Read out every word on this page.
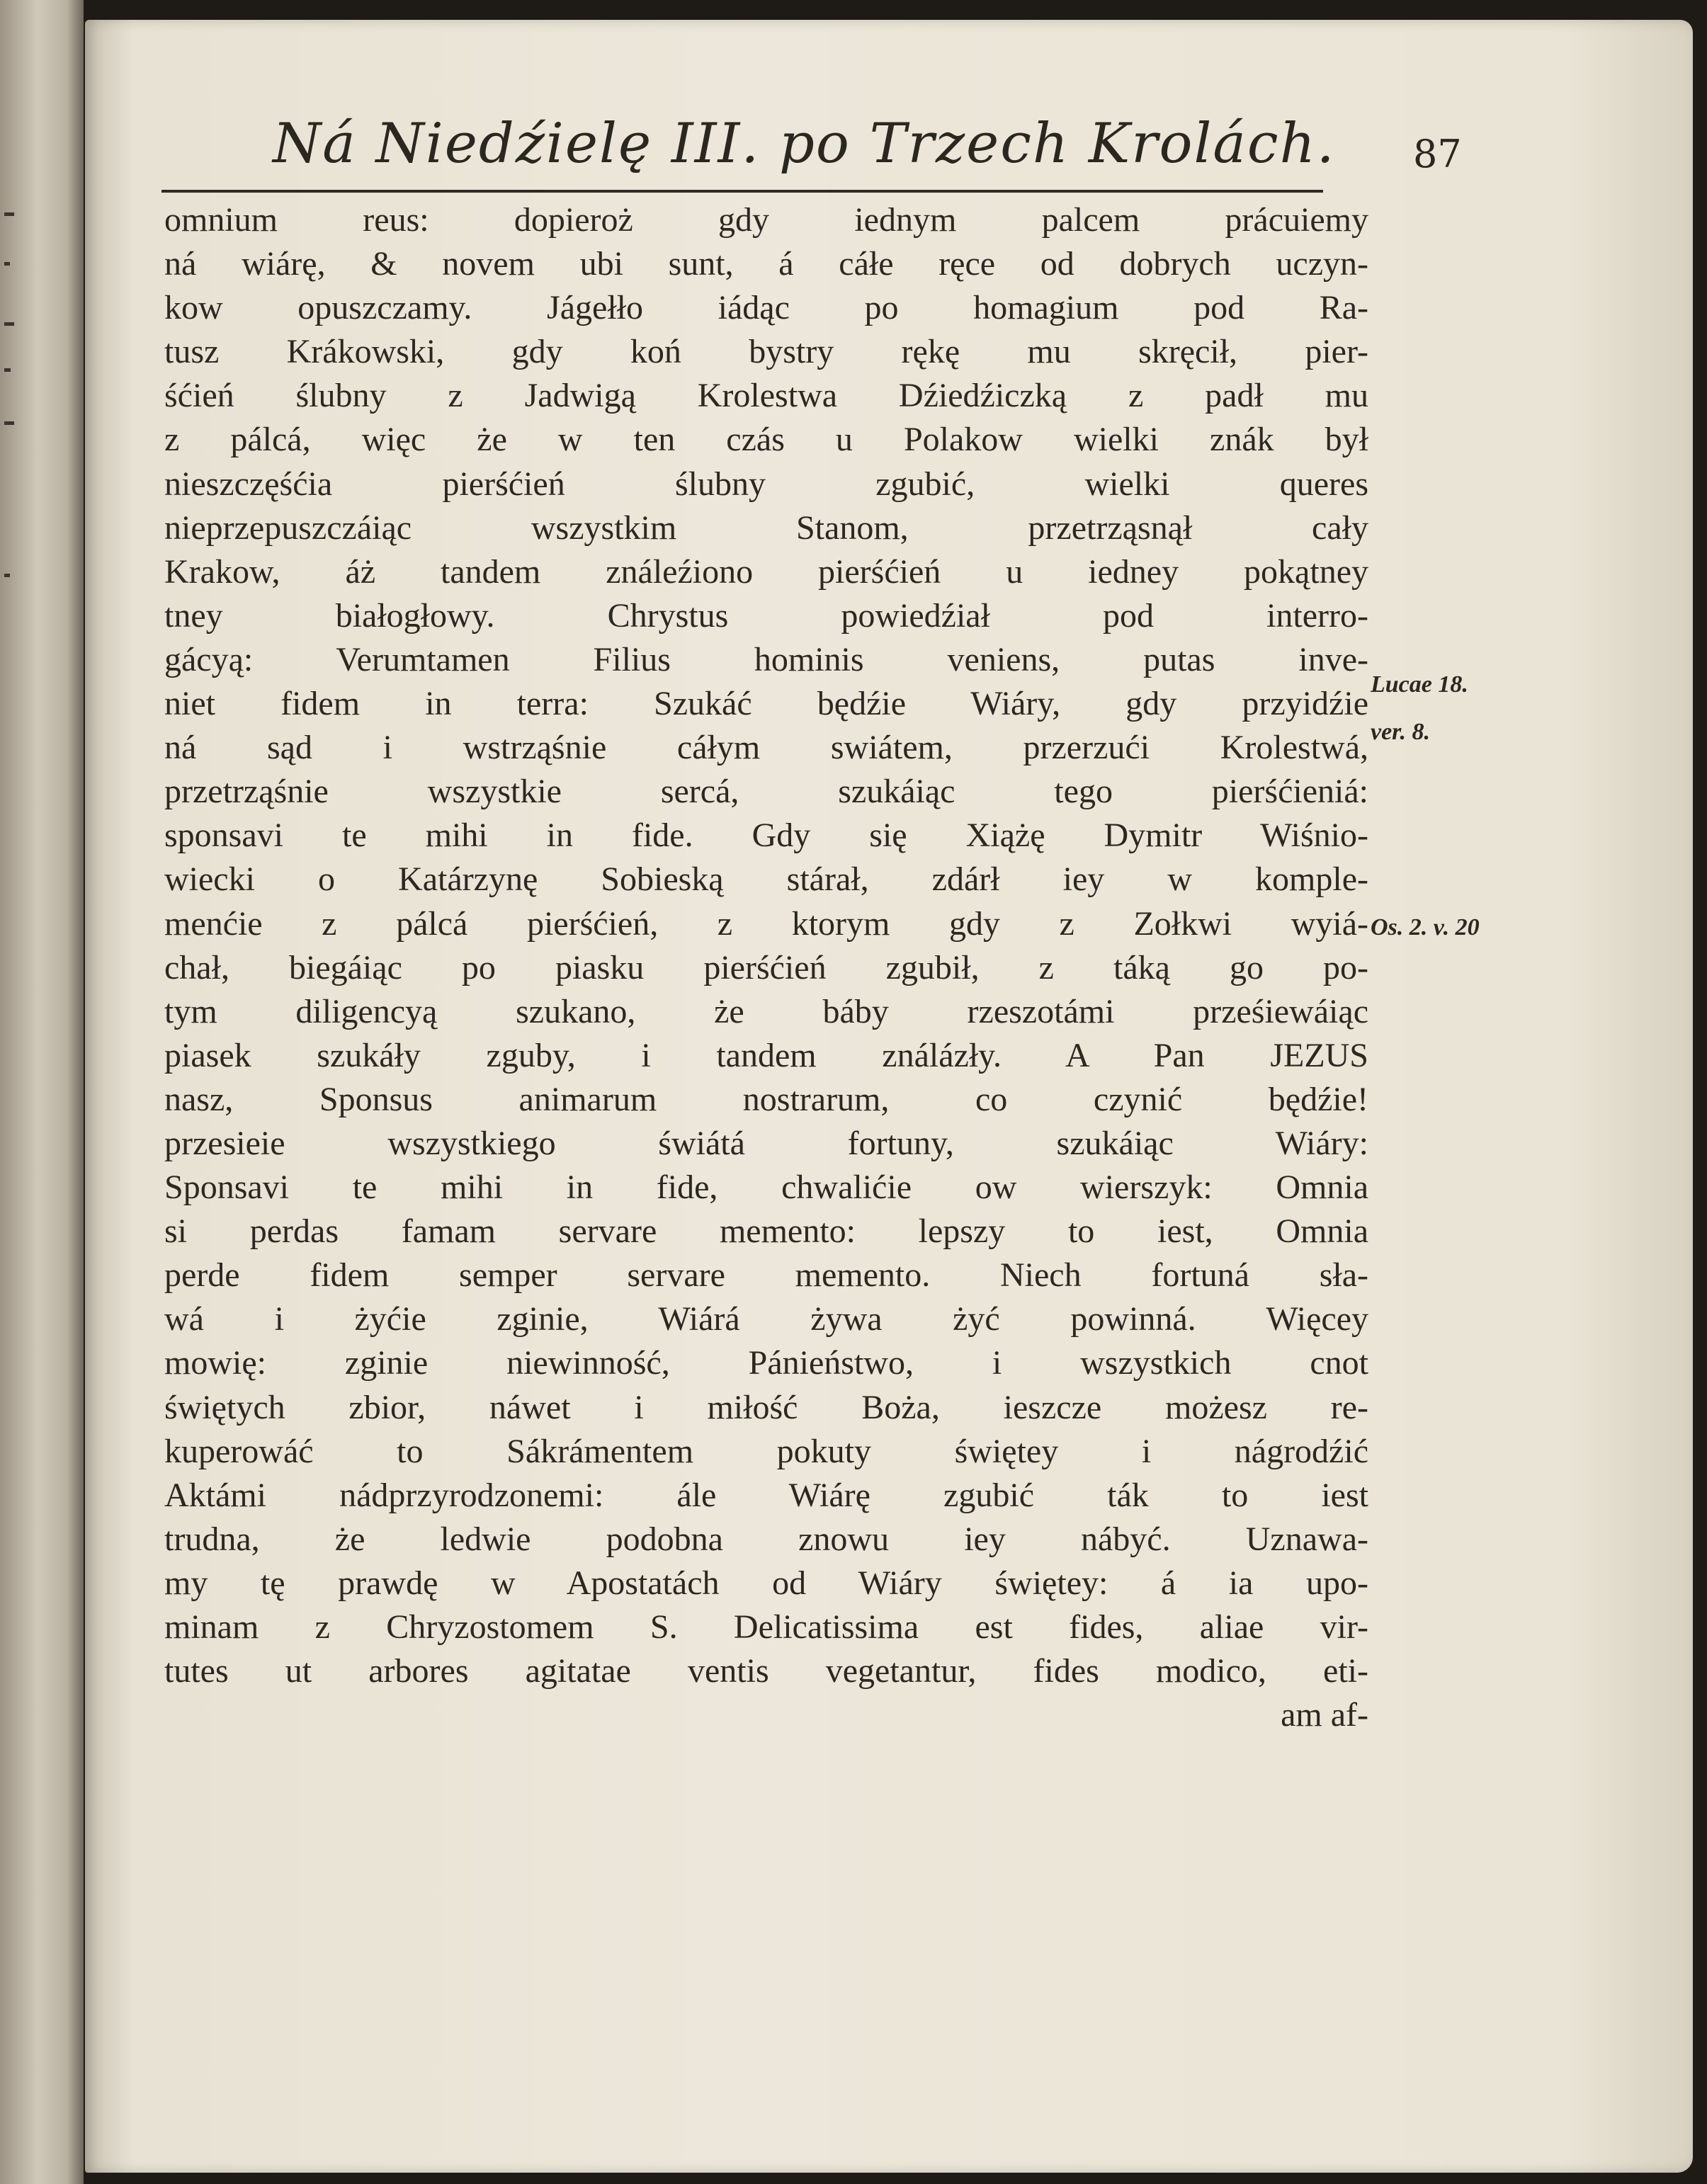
Ná Niedźielę III. po Trzech Krolách. 87
omnium reus: dopieroż gdy iednym palcem prácuiemy
ná wiárę, & novem ubi sunt, á cáłe ręce od dobrych uczyn-
kow opuszczamy. Jágełło iádąc po homagium pod Ra-
tusz Krákowski, gdy koń bystry rękę mu skręcił, pier-
śćień ślubny z Jadwigą Krolestwa Dźiedźiczką z padł mu
z pálcá, więc że w ten czás u Polakow wielki znák był
nieszczęśćia pierśćień ślubny zgubić, wielki queres
nieprzepuszczáiąc wszystkim Stanom, przetrząsnął cały
Krakow, áż tandem ználeźiono pierśćień u iedney pokątney
tney białogłowy. Chrystus powiedźiał pod interro-
gácyą: Verumtamen Filius hominis veniens, putas inve-
niet fidem in terra: Szukáć będźie Wiáry, gdy przyidźie
ná sąd i wstrząśnie cáłym swiátem, przerzući Krolestwá,
przetrząśnie wszystkie sercá, szukáiąc tego pierśćieniá:
sponsavi te mihi in fide. Gdy się Xiążę Dymitr Wiśnio-
wiecki o Katárzynę Sobieską stárał, zdárł iey w komple-
menćie z pálcá pierśćień, z ktorym gdy z Zołkwi wyiá-
chał, biegáiąc po piasku pierśćień zgubił, z táką go po-
tym diligencyą szukano, że báby rzeszotámi prześiewáiąc
piasek szukáły zguby, i tandem ználázły. A Pan JEZUS
nasz, Sponsus animarum nostrarum, co czynić będźie!
przesieie wszystkiego świátá fortuny, szukáiąc Wiáry:
Sponsavi te mihi in fide, chwalićie ow wierszyk: Omnia
si perdas famam servare memento: lepszy to iest, Omnia
perde fidem semper servare memento. Niech fortuná sła-
wá i żyćie zginie, Wiárá żywa żyć powinná. Więcey
mowię: zginie niewinność, Pánieństwo, i wszystkich cnot
świętych zbior, náwet i miłość Boża, ieszcze możesz re-
kuperowáć to Sákrámentem pokuty świętey i nágrodźić
Aktámi nádprzyrodzonemi: ále Wiárę zgubić ták to iest
trudna, że ledwie podobna znowu iey nábyć. Uznawa-
my tę prawdę w Apostatách od Wiáry świętey: á ia upo-
minam z Chryzostomem S. Delicatissima est fides, aliae vir-
tutes ut arbores agitatae ventis vegetantur, fides modico, eti-
am af-
Lucae 18.
ver. 8.
Os. 2. v. 20
